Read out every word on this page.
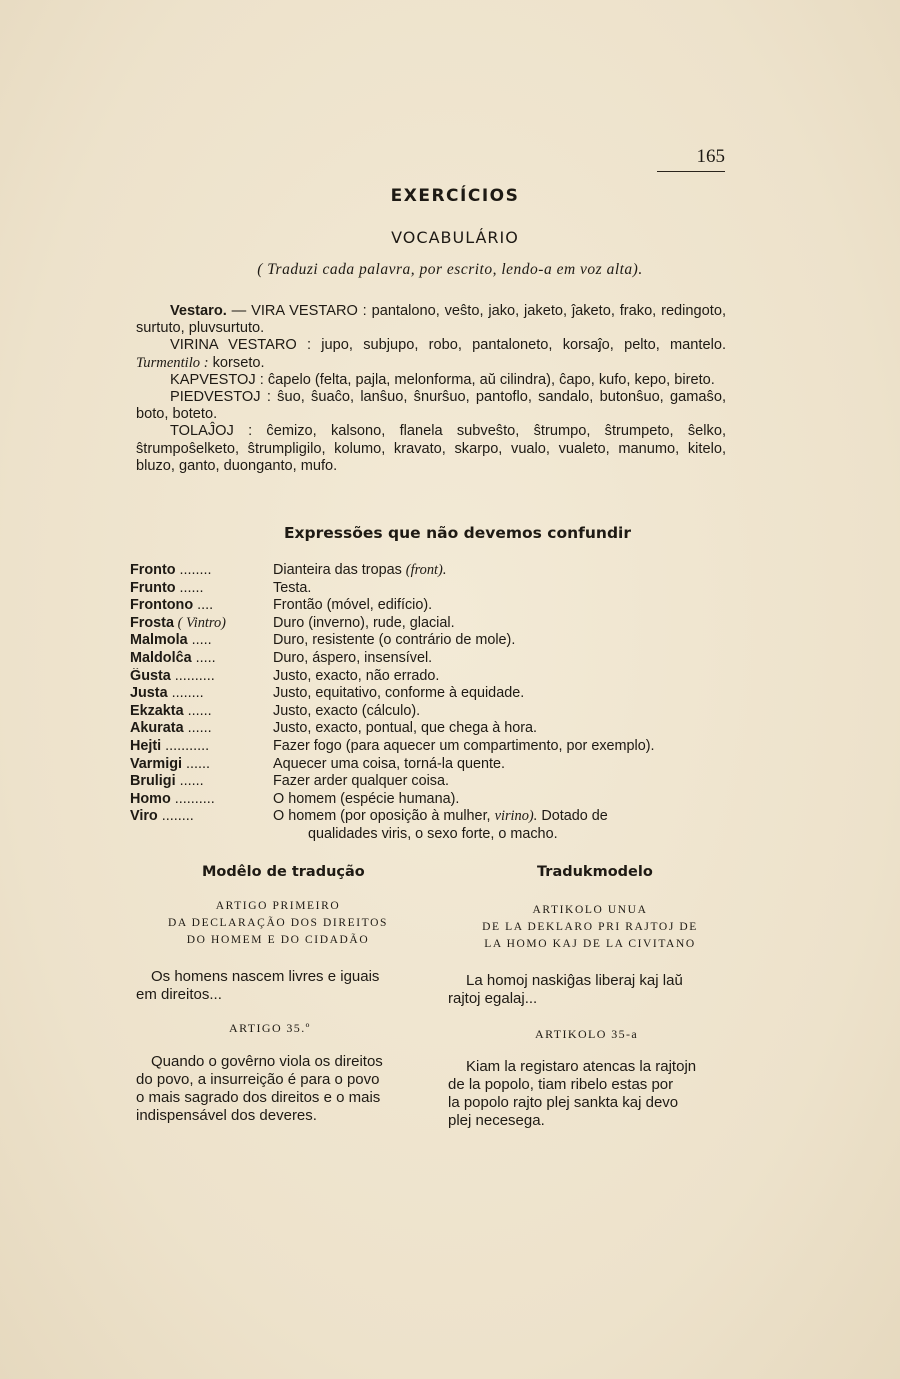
165
EXERCÍCIOS
VOCABULÁRIO
( Traduzi cada palavra, por escrito, lendo-a em voz alta).

Vestaro. — VIRA VESTARO : pantalono, veŝto, jako, jaketo, ĵaketo, frako, redingoto, surtuto, pluvsurtuto.

VIRINA VESTARO : jupo, subjupo, robo, pantaloneto, korsaĵo, pelto, mantelo. Turmentilo : korseto.

KAPVESTOJ : ĉapelo (felta, pajla, melonforma, aŭ cilindra), ĉapo, kufo, kepo, bireto.

PIEDVESTOJ : ŝuo, ŝuaĉo, lanŝuo, ŝnurŝuo, pantoflo, sandalo, butonŝuo, gamaŝo, boto, boteto.

TOLAĴOJ : ĉemizo, kalsono, flanela subveŝto, ŝtrumpo, ŝtrumpeto, ŝelko, ŝtrumpoŝelketo, ŝtrumpligilo, kolumo, kravato, skarpo, vualo, vualeto, manumo, kitelo, bluzo, ganto, duonganto, mufo.

Expressões que não devemos confundir
Fronto ........	Dianteira das tropas (front).
Frunto ......	Testa.
Frontono ....	Frontão (móvel, edifício).
Frosta ( Vintro)	Duro (inverno), rude, glacial.
Malmola .....	Duro, resistente (o contrário de mole).
Maldolĉa .....	Duro, áspero, insensível.
Ĝusta ..........	Justo, exacto, não errado.
Justa ........	Justo, equitativo, conforme à equidade.
Ekzakta ......	Justo, exacto (cálculo).
Akurata ......	Justo, exacto, pontual, que chega à hora.
Hejti ...........	Fazer fogo (para aquecer um compartimento, por exemplo).
Varmigi ......	Aquecer uma coisa, torná-la quente.
Bruligi ......	Fazer arder qualquer coisa.
Homo ..........	O homem (espécie humana).
Viro ........	O homem (por oposição à mulher, virino). Dotado de
qualidades viris, o sexo forte, o macho.
Modêlo de tradução
ARTIGO PRIMEIRO
DA DECLARAÇÃO DOS DIREITOS
DO HOMEM E DO CIDADÃO
Os homens nascem livres e iguais
em direitos...
ARTIGO 35.º
Quando o govêrno viola os direitos
do povo, a insurreição é para o povo
o mais sagrado dos direitos e o mais
indispensável dos deveres.
Tradukmodelo
ARTIKOLO UNUA
DE LA DEKLARO PRI RAJTOJ DE
LA HOMO KAJ DE LA CIVITANO
La homoj naskiĝas liberaj kaj laŭ
rajtoj egalaj...
ARTIKOLO 35-a
Kiam la registaro atencas la rajtojn
de la popolo, tiam ribelo estas por
la popolo rajto plej sankta kaj devo
plej necesega.
